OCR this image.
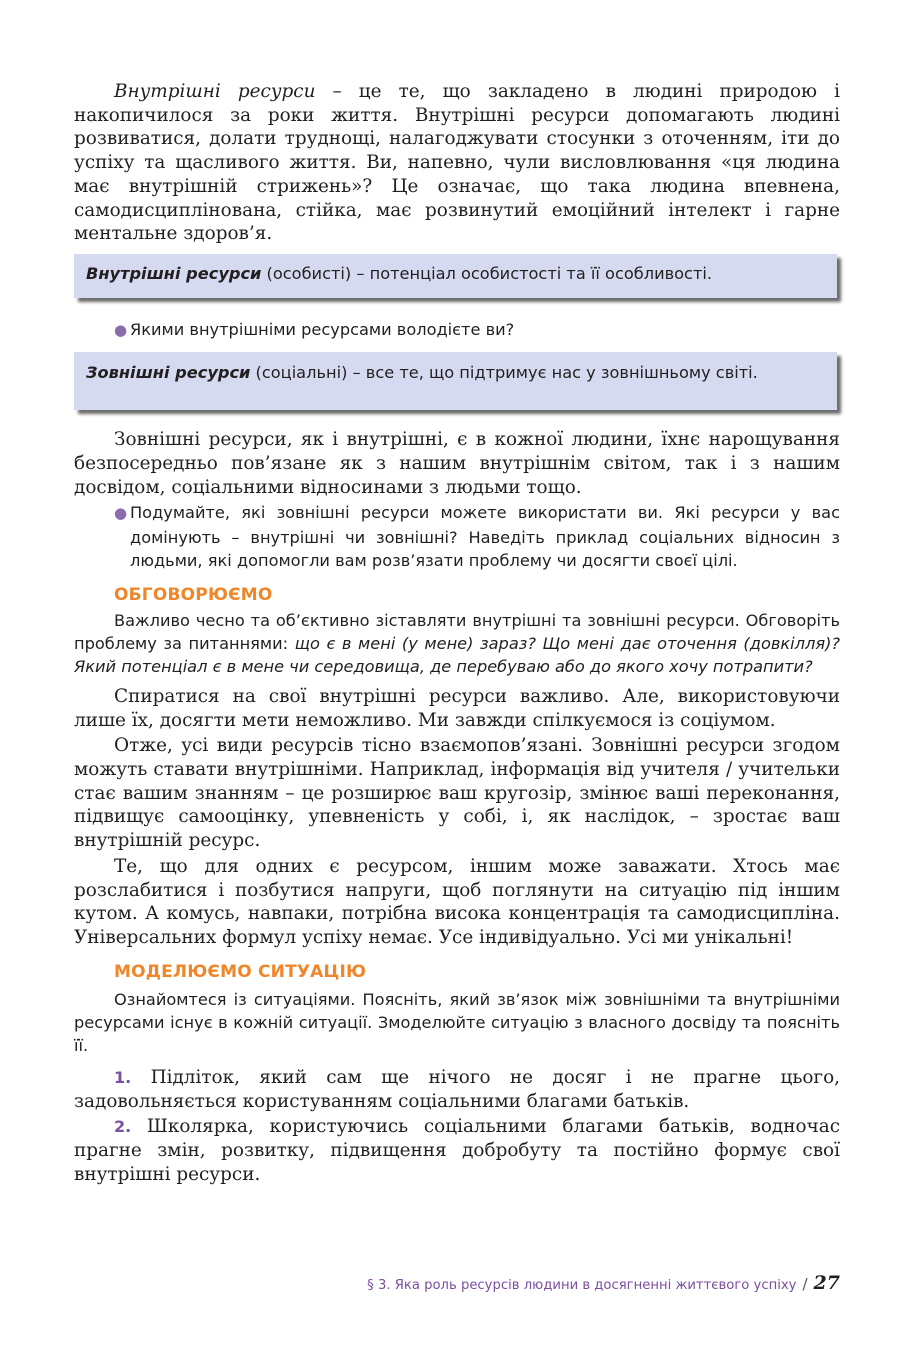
Внутрішні ресурси – це те, що закладено в людині природою і накопичилося за роки життя. Внутрішні ресурси допомагають людині розвиватися, долати труднощі, налагоджувати стосунки з оточенням, іти до успіху та щасливого життя. Ви, напевно, чули висловлювання «ця людина має внутрішній стрижень»? Це означає, що така людина впевнена, самодисциплінована, стійка, має розвинутий емоційний інтелект і гарне ментальне здоров’я.

Внутрішні ресурси (особисті) – потенціал особистості та її особливості.

● Якими внутрішніми ресурсами володієте ви?

Зовнішні ресурси (соціальні) – все те, що підтримує нас у зовнішньому світі.

Зовнішні ресурси, як і внутрішні, є в кожної людини, їхнє нарощування безпосередньо пов’язане як з нашим внутрішнім світом, так і з нашим досвідом, соціальними відносинами з людьми тощо.

● Подумайте, які зовнішні ресурси можете використати ви. Які ресурси у вас домінують – внутрішні чи зовнішні? Наведіть приклад соціальних відносин з людьми, які допомогли вам розв’язати проблему чи досягти своєї цілі.

ОБГОВОРЮЄМО

Важливо чесно та об’єктивно зіставляти внутрішні та зовнішні ресурси. Обговоріть проблему за питаннями: що є в мені (у мене) зараз? Що мені дає оточення (довкілля)? Який потенціал є в мене чи середовища, де перебуваю або до якого хочу потрапити?

Спиратися на свої внутрішні ресурси важливо. Але, використовуючи лише їх, досягти мети неможливо. Ми завжди спілкуємося із соціумом.

Отже, усі види ресурсів тісно взаємопов’язані. Зовнішні ресурси згодом можуть ставати внутрішніми. Наприклад, інформація від учителя / учительки стає вашим знанням – це розширює ваш кругозір, змінює ваші переконання, підвищує самооцінку, упевненість у собі, і, як наслідок, – зростає ваш внутрішній ресурс.

Те, що для одних є ресурсом, іншим може заважати. Хтось має розслабитися і позбутися напруги, щоб поглянути на ситуацію під іншим кутом. А комусь, навпаки, потрібна висока концентрація та самодисципліна. Універсальних формул успіху немає. Усе індивідуально. Усі ми унікальні!

МОДЕЛЮЄМО СИТУАЦІЮ

Ознайомтеся із ситуаціями. Поясніть, який зв’язок між зовнішніми та внутрішніми ресурсами існує в кожній ситуації. Змоделюйте ситуацію з власного досвіду та поясніть її.

1. Підліток, який сам ще нічого не досяг і не прагне цього, задовольняється користуванням соціальними благами батьків.

2. Школярка, користуючись соціальними благами батьків, водночас прагне змін, розвитку, підвищення добробуту та постійно формує свої внутрішні ресурси.

§ 3. Яка роль ресурсів людини в досягненні життєвого успіху / 27
